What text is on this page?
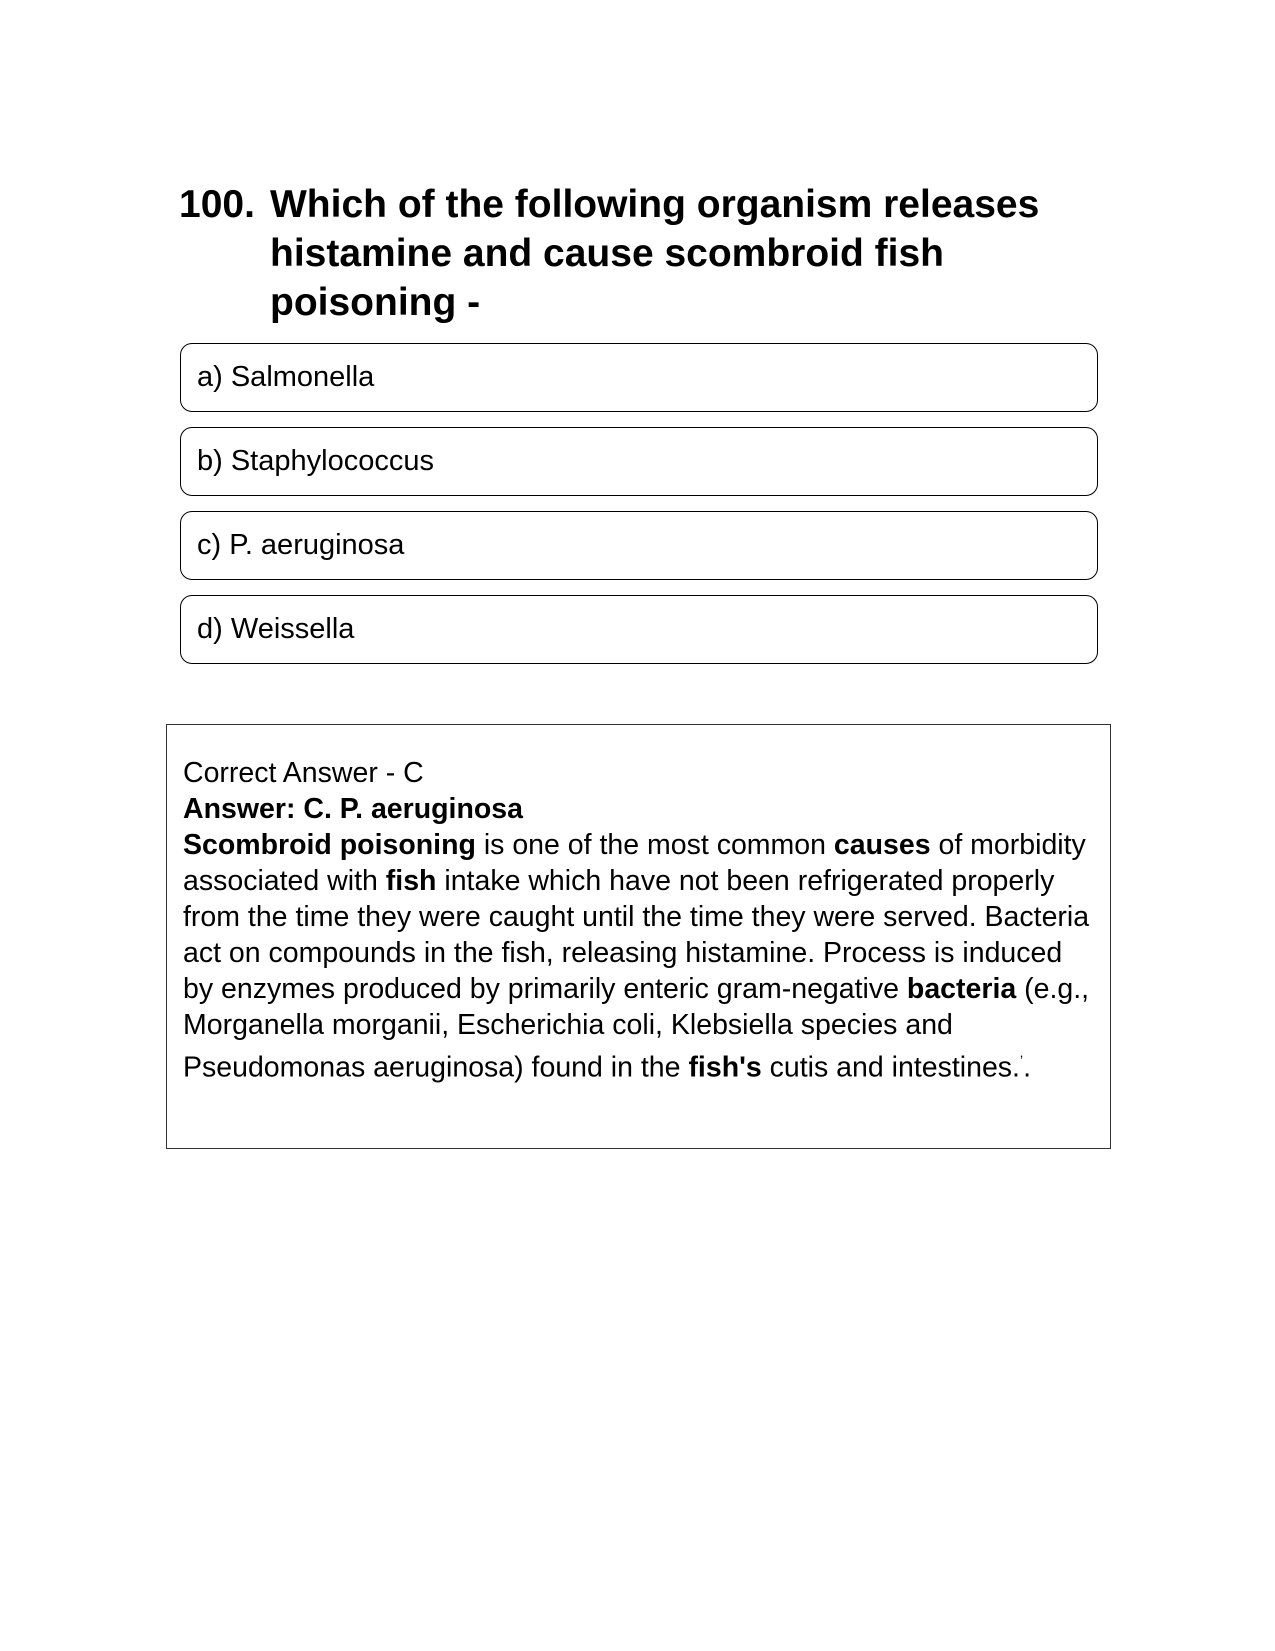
100. Which of the following organism releases histamine and cause scombroid fish poisoning -
a) Salmonella
b) Staphylococcus
c) P. aeruginosa
d) Weissella

Correct Answer - C

Answer: C. P. aeruginosa

Scombroid poisoning is one of the most common causes of morbidity associated with fish intake which have not been refrigerated properly from the time they were caught until the time they were served. Bacteria act on compounds in the fish, releasing histamine. Process is induced by enzymes produced by primarily enteric gram-negative bacteria (e.g., Morganella morganii, Escherichia coli, Klebsiella species and Pseudomonas aeruginosa) found in the fish's cutis and intestines.$^ʼ$.
